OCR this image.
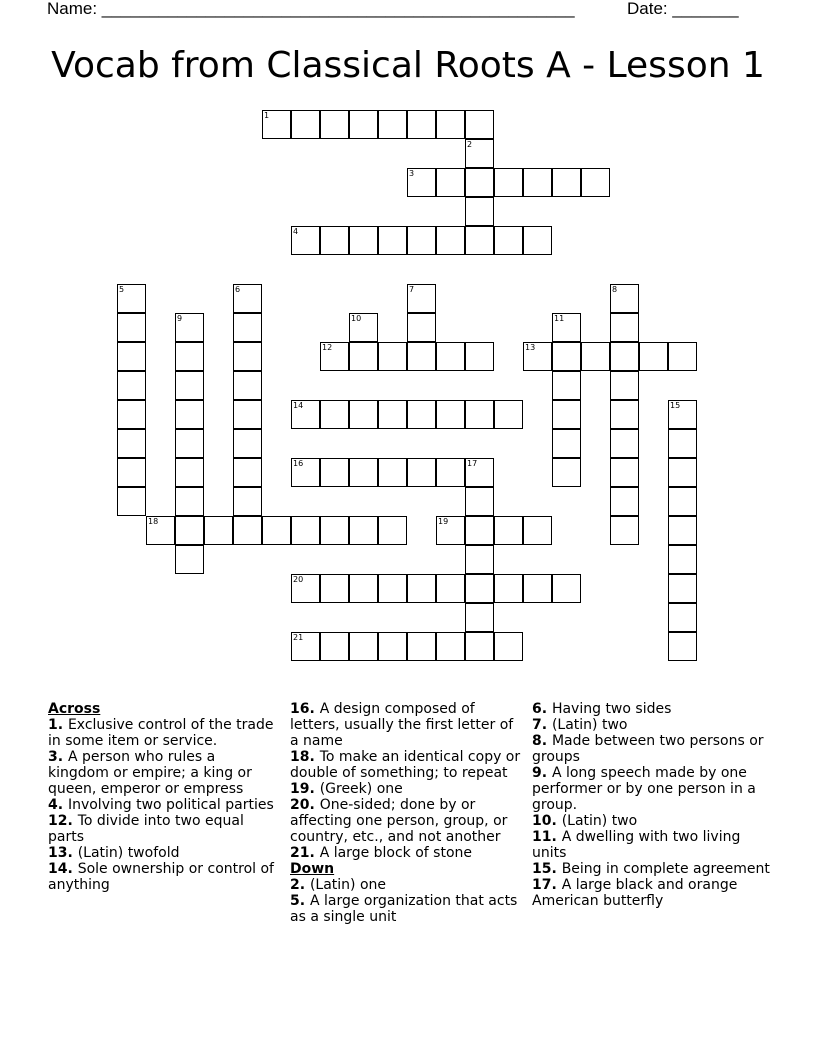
Name: __________________________________________________	Date: _______
Vocab from Classical Roots A - Lesson 1
1
2
3
4
5	6	7	8
9	10	11
12	13
14	15
16	17
18	19
20
21
Across
1. Exclusive control of the trade in some item or service.
3. A person who rules a kingdom or empire; a king or queen, emperor or empress
4. Involving two political parties
12. To divide into two equal parts
13. (Latin) twofold
14. Sole ownership or control of anything
16. A design composed of letters, usually the first letter of a name
18. To make an identical copy or double of something; to repeat
19. (Greek) one
20. One-sided; done by or affecting one person, group, or country, etc., and not another
21. A large block of stone
Down
2. (Latin) one
5. A large organization that acts as a single unit
6. Having two sides
7. (Latin) two
8. Made between two persons or groups
9. A long speech made by one performer or by one person in a group.
10. (Latin) two
11. A dwelling with two living units
15. Being in complete agreement
17. A large black and orange American butterfly
